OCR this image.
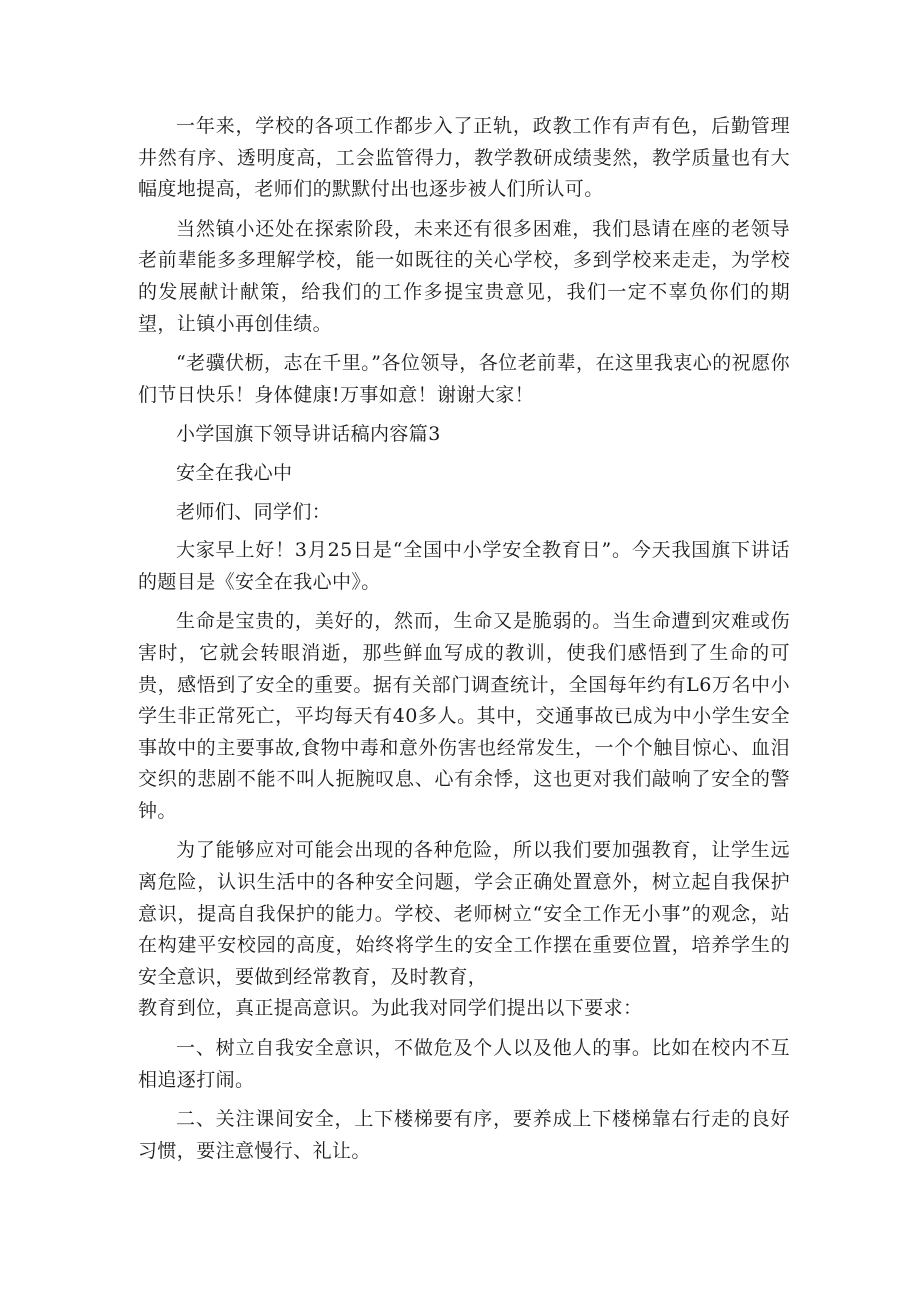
一年来，学校的各项工作都步入了正轨，政教工作有声有色，后勤管理井然有序、透明度高，工会监管得力，教学教研成绩斐然，教学质量也有大幅度地提高，老师们的默默付出也逐步被人们所认可。

当然镇小还处在探索阶段，未来还有很多困难，我们恳请在座的老领导老前辈能多多理解学校，能一如既往的关心学校，多到学校来走走，为学校的发展献计献策，给我们的工作多提宝贵意见，我们一定不辜负你们的期望，让镇小再创佳绩。

“老骥伏枥，志在千里。”各位领导，各位老前辈，在这里我衷心的祝愿你们节日快乐！身体健康!万事如意！谢谢大家！

小学国旗下领导讲话稿内容篇3

安全在我心中

老师们、同学们：

大家早上好！3月25日是“全国中小学安全教育日”。今天我国旗下讲话的题目是《安全在我心中》。

生命是宝贵的，美好的，然而，生命又是脆弱的。当生命遭到灾难或伤害时，它就会转眼消逝，那些鲜血写成的教训，使我们感悟到了生命的可贵，感悟到了安全的重要。据有关部门调查统计，全国每年约有L6万名中小学生非正常死亡，平均每天有40多人。其中，交通事故已成为中小学生安全事故中的主要事故,食物中毒和意外伤害也经常发生，一个个触目惊心、血泪交织的悲剧不能不叫人扼腕叹息、心有余悸，这也更对我们敲响了安全的警钟。

为了能够应对可能会出现的各种危险，所以我们要加强教育，让学生远离危险，认识生活中的各种安全问题，学会正确处置意外，树立起自我保护意识，提高自我保护的能力。学校、老师树立“安全工作无小事”的观念，站在构建平安校园的高度，始终将学生的安全工作摆在重要位置，培养学生的安全意识，要做到经常教育，及时教育，

教育到位，真正提高意识。为此我对同学们提出以下要求：

一、树立自我安全意识，不做危及个人以及他人的事。比如在校内不互相追逐打闹。

二、关注课间安全，上下楼梯要有序，要养成上下楼梯靠右行走的良好习惯，要注意慢行、礼让。
